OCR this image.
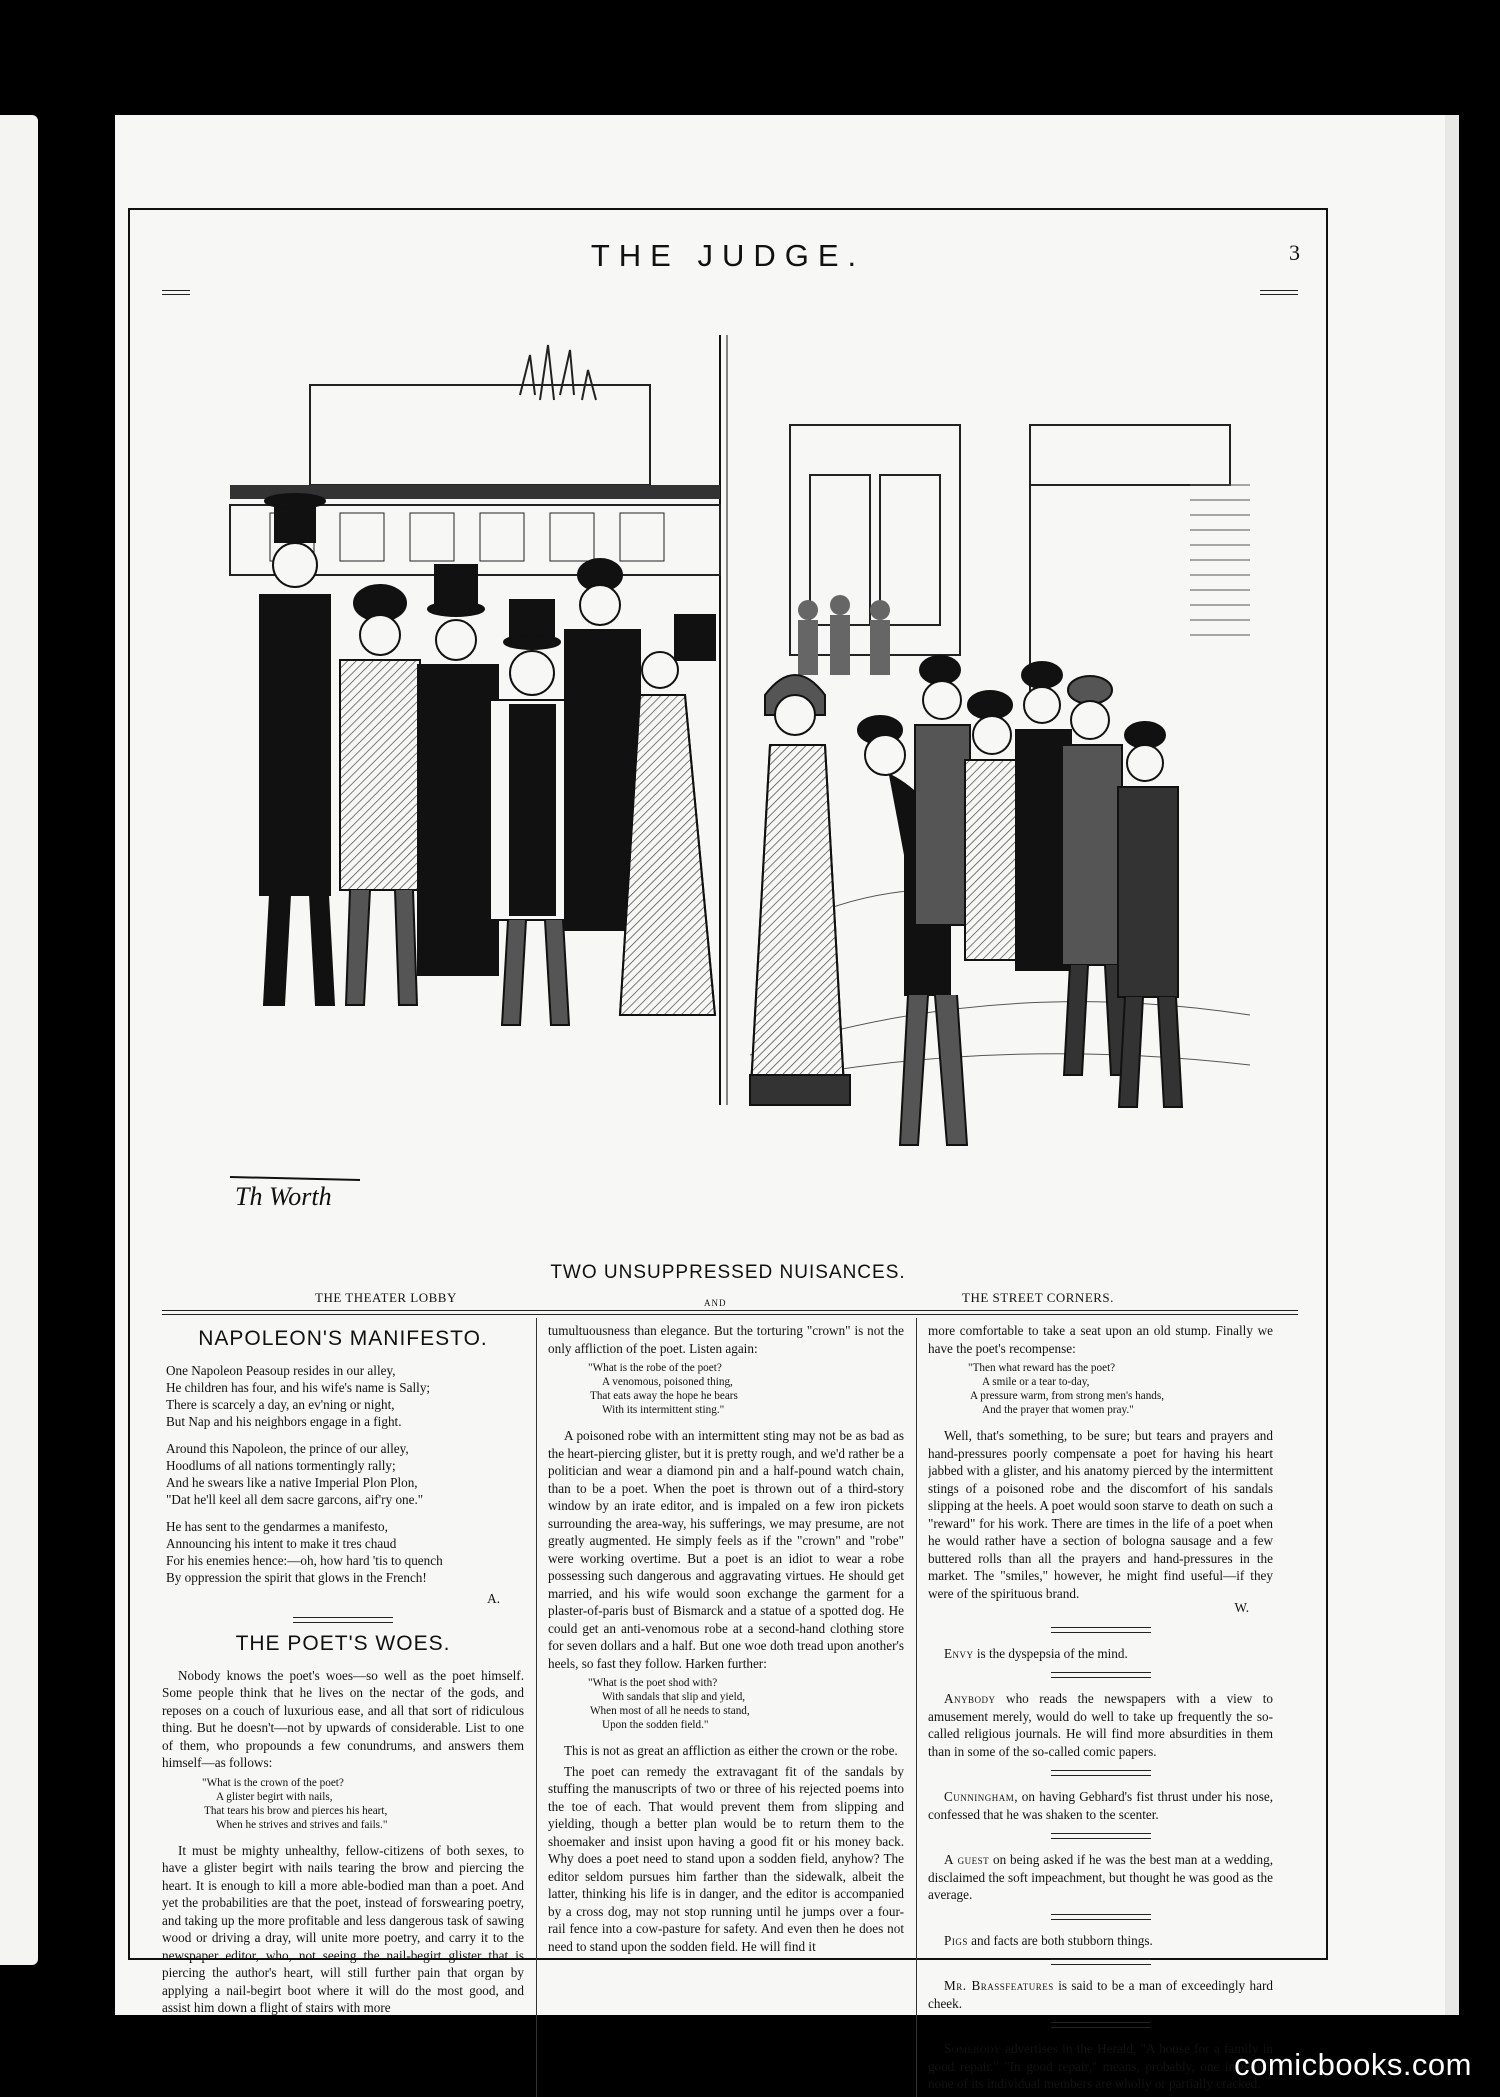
THE JUDGE.	3
Th Worth
TWO UNSUPPRESSED NUISANCES.
THE THEATER LOBBY	AND	THE STREET CORNERS.
NAPOLEON'S MANIFESTO.
One Napoleon Peasoup resides in our alley,
He children has four, and his wife's name is Sally;
There is scarcely a day, an ev'ning or night,
But Nap and his neighbors engage in a fight.
Around this Napoleon, the prince of our alley,
Hoodlums of all nations tormentingly rally;
And he swears like a native Imperial Plon Plon,
"Dat he'll keel all dem sacre garcons, aif'ry one."
He has sent to the gendarmes a manifesto,
Announcing his intent to make it tres chaud
For his enemies hence:—oh, how hard 'tis to quench
By oppression the spirit that glows in the French!
A.
THE POET'S WOES.

Nobody knows the poet's woes—so well as the poet himself. Some people think that he lives on the nectar of the gods, and reposes on a couch of luxurious ease, and all that sort of ridiculous thing. But he doesn't—not by upwards of considerable. List to one of them, who propounds a few conundrums, and answers them himself—as follows:

"What is the crown of the poet?
A glister begirt with nails,
That tears his brow and pierces his heart,
When he strives and strives and fails."

It must be mighty unhealthy, fellow-citizens of both sexes, to have a glister begirt with nails tearing the brow and piercing the heart. It is enough to kill a more able-bodied man than a poet. And yet the probabilities are that the poet, instead of forswearing poetry, and taking up the more profitable and less dangerous task of sawing wood or driving a dray, will unite more poetry, and carry it to the newspaper editor, who, not seeing the nail-begirt glister that is piercing the author's heart, will still further pain that organ by applying a nail-begirt boot where it will do the most good, and assist him down a flight of stairs with more

tumultuousness than elegance. But the torturing "crown" is not the only affliction of the poet. Listen again:

"What is the robe of the poet?
A venomous, poisoned thing,
That eats away the hope he bears
With its intermittent sting."

A poisoned robe with an intermittent sting may not be as bad as the heart-piercing glister, but it is pretty rough, and we'd rather be a politician and wear a diamond pin and a half-pound watch chain, than to be a poet. When the poet is thrown out of a third-story window by an irate editor, and is impaled on a few iron pickets surrounding the area-way, his sufferings, we may presume, are not greatly augmented. He simply feels as if the "crown" and "robe" were working overtime. But a poet is an idiot to wear a robe possessing such dangerous and aggravating virtues. He should get married, and his wife would soon exchange the garment for a plaster-of-paris bust of Bismarck and a statue of a spotted dog. He could get an anti-venomous robe at a second-hand clothing store for seven dollars and a half. But one woe doth tread upon another's heels, so fast they follow. Harken further:

"What is the poet shod with?
With sandals that slip and yield,
When most of all he needs to stand,
Upon the sodden field."

This is not as great an affliction as either the crown or the robe.

The poet can remedy the extravagant fit of the sandals by stuffing the manuscripts of two or three of his rejected poems into the toe of each. That would prevent them from slipping and yielding, though a better plan would be to return them to the shoemaker and insist upon having a good fit or his money back. Why does a poet need to stand upon a sodden field, anyhow? The editor seldom pursues him farther than the sidewalk, albeit the latter, thinking his life is in danger, and the editor is accompanied by a cross dog, may not stop running until he jumps over a four-rail fence into a cow-pasture for safety. And even then he does not need to stand upon the sodden field. He will find it

more comfortable to take a seat upon an old stump. Finally we have the poet's recompense:

"Then what reward has the poet?
A smile or a tear to-day,
A pressure warm, from strong men's hands,
And the prayer that women pray."

Well, that's something, to be sure; but tears and prayers and hand-pressures poorly compensate a poet for having his heart jabbed with a glister, and his anatomy pierced by the intermittent stings of a poisoned robe and the discomfort of his sandals slipping at the heels. A poet would soon starve to death on such a "reward" for his work. There are times in the life of a poet when he would rather have a section of bologna sausage and a few buttered rolls than all the prayers and hand-pressures in the market. The "smiles," however, he might find useful—if they were of the spirituous brand.

W.

Envy is the dyspepsia of the mind.

Anybody who reads the newspapers with a view to amusement merely, would do well to take up frequently the so-called religious journals. He will find more absurdities in them than in some of the so-called comic papers.

Cunningham, on having Gebhard's fist thrust under his nose, confessed that he was shaken to the scenter.

A guest on being asked if he was the best man at a wedding, disclaimed the soft impeachment, but thought he was good as the average.

Pigs and facts are both stubborn things.

Mr. Brassfeatures is said to be a man of exceedingly hard cheek.

Somebody advertises in the Herald, "A house for a family in good repair." "In good repair," means, probably, one in which none of its individual members are wholly or partially cracked.

comicbooks.com
